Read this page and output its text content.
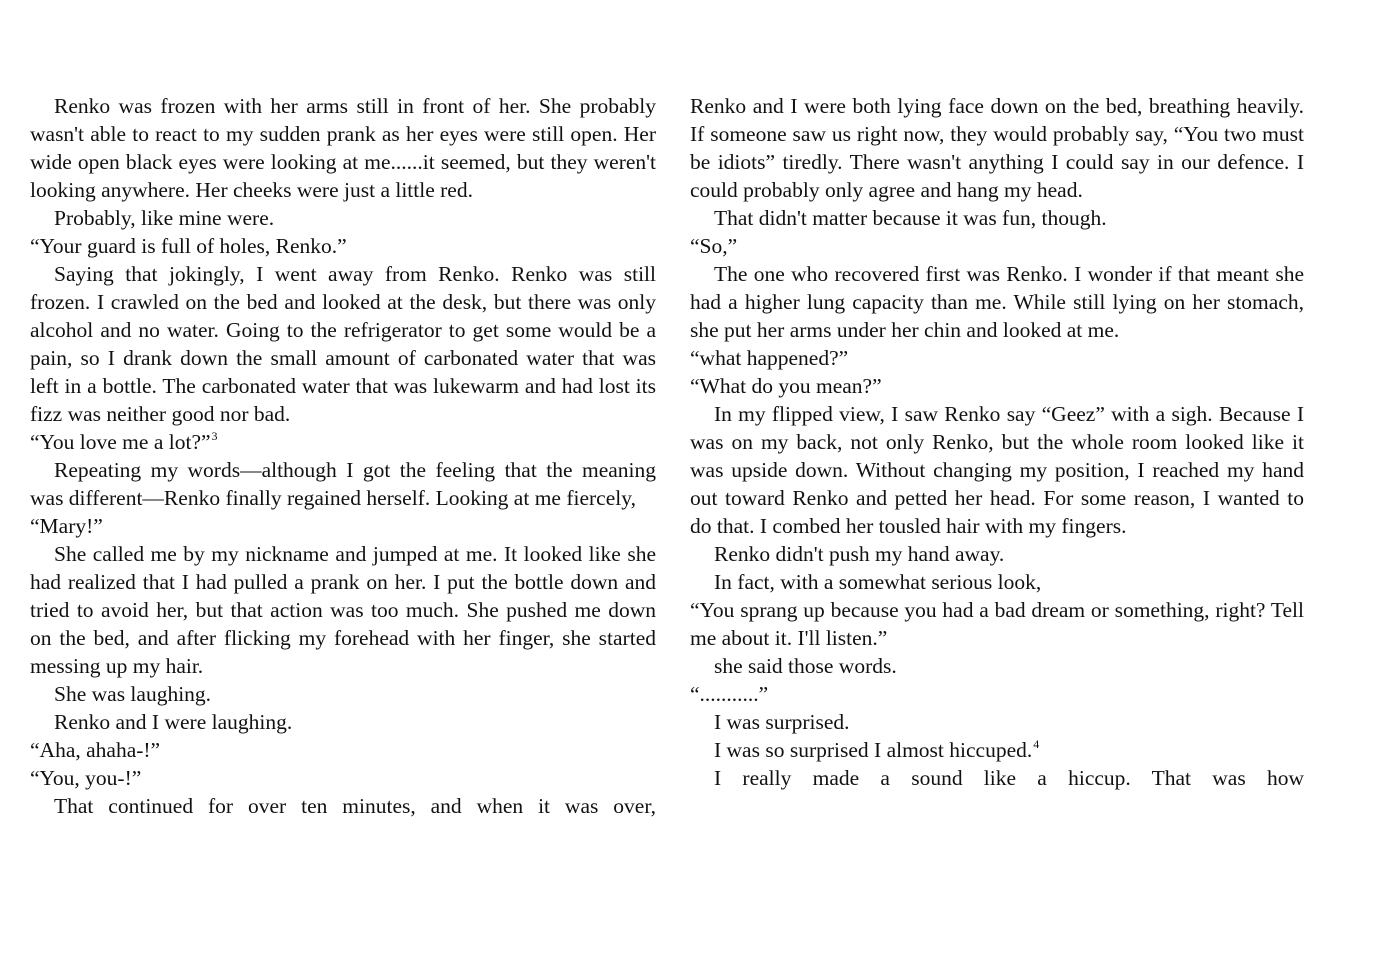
Renko was frozen with her arms still in front of her. She probably wasn't able to react to my sudden prank as her eyes were still open. Her wide open black eyes were looking at me......it seemed, but they weren't looking anywhere. Her cheeks were just a little red.
Probably, like mine were.
“Your guard is full of holes, Renko.”
Saying that jokingly, I went away from Renko. Renko was still frozen. I crawled on the bed and looked at the desk, but there was only alcohol and no water. Going to the refrigerator to get some would be a pain, so I drank down the small amount of carbonated water that was left in a bottle. The carbonated water that was lukewarm and had lost its fizz was neither good nor bad.
“You love me a lot?”$^3$
Repeating my words—although I got the feeling that the meaning was different—Renko finally regained herself. Looking at me fiercely,
“Mary!”
She called me by my nickname and jumped at me. It looked like she had realized that I had pulled a prank on her. I put the bottle down and tried to avoid her, but that action was too much. She pushed me down on the bed, and after flicking my forehead with her finger, she started messing up my hair.
She was laughing.
Renko and I were laughing.
“Aha, ahaha-!”
“You, you-!”
That continued for over ten minutes, and when it was over,
Renko and I were both lying face down on the bed, breathing heavily. If someone saw us right now, they would probably say, “You two must be idiots” tiredly. There wasn't anything I could say in our defence. I could probably only agree and hang my head.
That didn't matter because it was fun, though.
“So,”
The one who recovered first was Renko. I wonder if that meant she had a higher lung capacity than me. While still lying on her stomach, she put her arms under her chin and looked at me.
“what happened?”
“What do you mean?”
In my flipped view, I saw Renko say “Geez” with a sigh. Because I was on my back, not only Renko, but the whole room looked like it was upside down. Without changing my position, I reached my hand out toward Renko and petted her head. For some reason, I wanted to do that. I combed her tousled hair with my fingers.
Renko didn't push my hand away.
In fact, with a somewhat serious look,
“You sprang up because you had a bad dream or something, right? Tell me about it. I'll listen.”
she said those words.
“...........”
I was surprised.
I was so surprised I almost hiccuped.$^4$
I really made a sound like a hiccup. That was how
